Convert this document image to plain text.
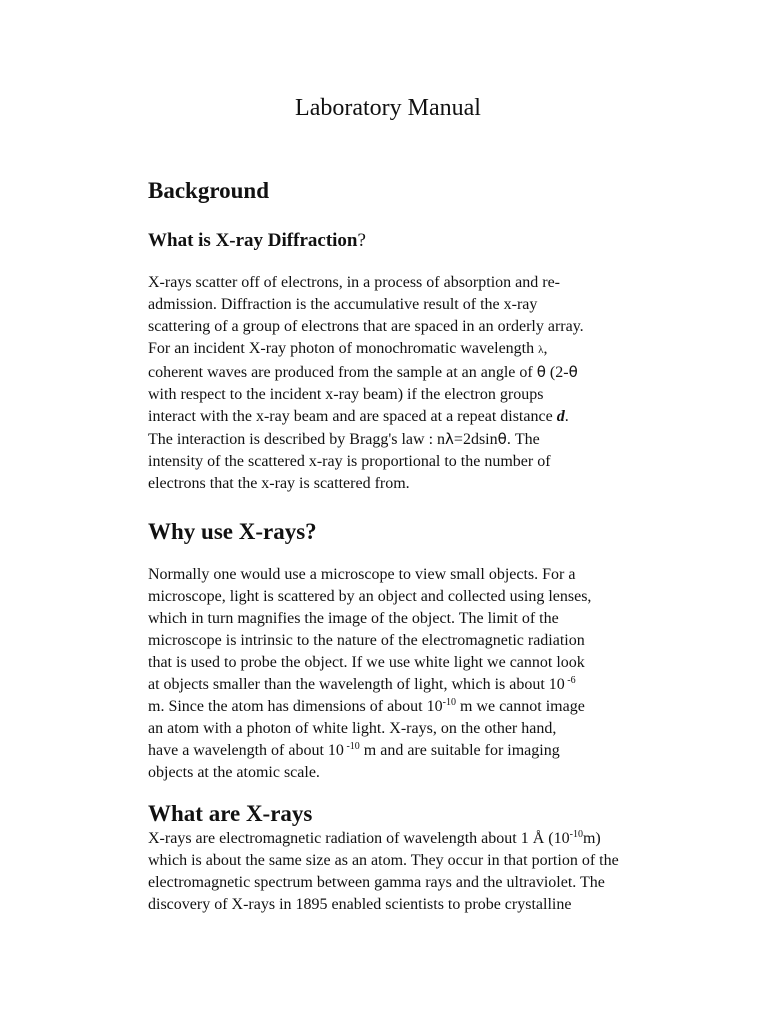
Laboratory Manual
Background
What is X-ray Diffraction?

X-rays scatter off of electrons, in a process of absorption and re-
admission. Diffraction is the accumulative result of the x-ray
scattering of a group of electrons that are spaced in an orderly array.
For an incident X-ray photon of monochromatic wavelength λ,
coherent waves are produced from the sample at an angle of θ (2-θ
with respect to the incident x-ray beam) if the electron groups
interact with the x-ray beam and are spaced at a repeat distance d.
The interaction is described by Bragg's law : nλ=2dsinθ. The
intensity of the scattered x-ray is proportional to the number of
electrons that the x-ray is scattered from.

Why use X-rays?

Normally one would use a microscope to view small objects. For a
microscope, light is scattered by an object and collected using lenses,
which in turn magnifies the image of the object. The limit of the
microscope is intrinsic to the nature of the electromagnetic radiation
that is used to probe the object. If we use white light we cannot look
at objects smaller than the wavelength of light, which is about 10 $^{-6}$
m. Since the atom has dimensions of about $10^{-10}$ m we cannot image
an atom with a photon of white light. X-rays, on the other hand,
have a wavelength of about 10 $^{-10}$ m and are suitable for imaging
objects at the atomic scale.

What are X-rays

X-rays are electromagnetic radiation of wavelength about 1 Å $(10^{-10}m)$
which is about the same size as an atom. They occur in that portion of the
electromagnetic spectrum between gamma rays and the ultraviolet. The
discovery of X-rays in 1895 enabled scientists to probe crystalline
